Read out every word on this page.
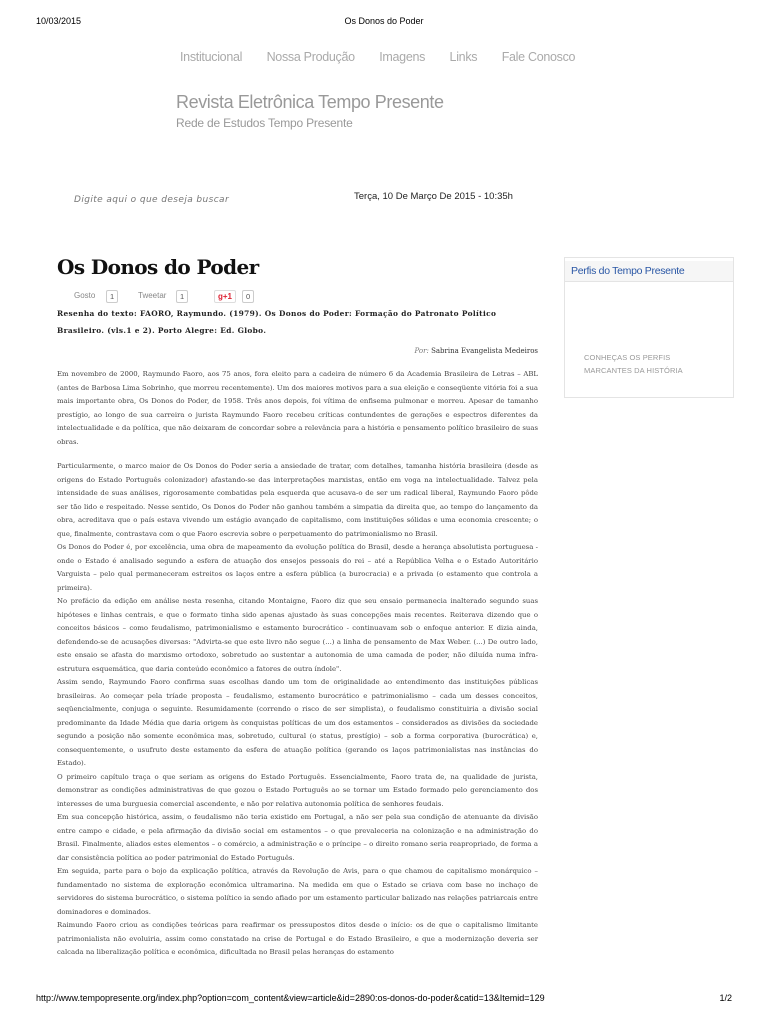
10/03/2015	Os Donos do Poder
Institucional Nossa Produção Imagens Links Fale Conosco
Revista Eletrônica Tempo Presente
Rede de Estudos Tempo Presente
Digite aqui o que deseja buscar
Terça, 10 De Março De 2015 - 10:35h
Os Donos do Poder
Gosto	1	Tweetar	1	g+1	0

Resenha do texto: FAORO, Raymundo. (1979). Os Donos do Poder: Formação do Patronato Político Brasileiro. (vls.1 e 2). Porto Alegre: Ed. Globo.

Por: Sabrina Evangelista Medeiros

Em novembro de 2000, Raymundo Faoro, aos 75 anos, fora eleito para a cadeira de número 6 da Academia Brasileira de Letras – ABL (antes de Barbosa Lima Sobrinho, que morreu recentemente). Um dos maiores motivos para a sua eleição e conseqüente vitória foi a sua mais importante obra, Os Donos do Poder, de 1958. Três anos depois, foi vítima de enfisema pulmonar e morreu. Apesar de tamanho prestígio, ao longo de sua carreira o jurista Raymundo Faoro recebeu críticas contundentes de gerações e espectros diferentes da intelectualidade e da política, que não deixaram de concordar sobre a relevância para a história e pensamento político brasileiro de suas obras.

Particularmente, o marco maior de Os Donos do Poder seria a ansiedade de tratar, com detalhes, tamanha história brasileira (desde as origens do Estado Português colonizador) afastando-se das interpretações marxistas, então em voga na intelectualidade. Talvez pela intensidade de suas análises, rigorosamente combatidas pela esquerda que acusava-o de ser um radical liberal, Raymundo Faoro pôde ser tão lido e respeitado. Nesse sentido, Os Donos do Poder não ganhou também a simpatia da direita que, ao tempo do lançamento da obra, acreditava que o país estava vivendo um estágio avançado de capitalismo, com instituições sólidas e uma economia crescente; o que, finalmente, contrastava com o que Faoro escrevia sobre o perpetuamento do patrimonialismo no Brasil.

Os Donos do Poder é, por excelência, uma obra de mapeamento da evolução política do Brasil, desde a herança absolutista portuguesa - onde o Estado é analisado segundo a esfera de atuação dos ensejos pessoais do rei – até a República Velha e o Estado Autoritário Varguista – pelo qual permaneceram estreitos os laços entre a esfera pública (a burocracia) e a privada (o estamento que controla a primeira).

No prefácio da edição em análise nesta resenha, citando Montaigne, Faoro diz que seu ensaio permanecia inalterado segundo suas hipóteses e linhas centrais, e que o formato tinha sido apenas ajustado às suas concepções mais recentes. Reiterava dizendo que o conceitos básicos – como feudalismo, patrimonialismo e estamento burocrático - continuavam sob o enfoque anterior. E dizia ainda, defendendo-se de acusações diversas: "Advirta-se que este livro não segue (...) a linha de pensamento de Max Weber. (...) De outro lado, este ensaio se afasta do marxismo ortodoxo, sobretudo ao sustentar a autonomia de uma camada de poder, não diluída numa infra-estrutura esquemática, que daria conteúdo econômico a fatores de outra índole".

Assim sendo, Raymundo Faoro confirma suas escolhas dando um tom de originalidade ao entendimento das instituições públicas brasileiras. Ao começar pela tríade proposta – feudalismo, estamento burocrático e patrimonialismo – cada um desses conceitos, seqüencialmente, conjuga o seguinte. Resumidamente (correndo o risco de ser simplista), o feudalismo constituiria a divisão social predominante da Idade Média que daria origem às conquistas políticas de um dos estamentos – considerados as divisões da sociedade segundo a posição não somente econômica mas, sobretudo, cultural (o status, prestígio) – sob a forma corporativa (burocrática) e, consequentemente, o usufruto deste estamento da esfera de atuação política (gerando os laços patrimonialistas nas instâncias do Estado).

O primeiro capítulo traça o que seriam as origens do Estado Português. Essencialmente, Faoro trata de, na qualidade de jurista, demonstrar as condições administrativas de que gozou o Estado Português ao se tornar um Estado formado pelo gerenciamento dos interesses de uma burguesia comercial ascendente, e não por relativa autonomia política de senhores feudais.

Em sua concepção histórica, assim, o feudalismo não teria existido em Portugal, a não ser pela sua condição de atenuante da divisão entre campo e cidade, e pela afirmação da divisão social em estamentos – o que prevaleceria na colonização e na administração do Brasil. Finalmente, aliados estes elementos – o comércio, a administração e o príncipe – o direito romano seria reapropriado, de forma a dar consistência política ao poder patrimonial do Estado Português.

Em seguida, parte para o bojo da explicação política, através da Revolução de Avis, para o que chamou de capitalismo monárquico – fundamentado no sistema de exploração econômica ultramarina. Na medida em que o Estado se criava com base no inchaço de servidores do sistema burocrático, o sistema político ia sendo afiado por um estamento particular balizado nas relações patriarcais entre dominadores e dominados.

Raimundo Faoro criou as condições teóricas para reafirmar os pressupostos ditos desde o início: os de que o capitalismo limitante patrimonialista não evoluiria, assim como constatado na crise de Portugal e do Estado Brasileiro, e que a modernização deveria ser calcada na liberalização política e econômica, dificultada no Brasil pelas heranças do estamento

Perfis do Tempo Presente
CONHEÇAS OS PERFIS MARCANTES DA HISTÓRIA
http://www.tempopresente.org/index.php?option=com_content&view=article&id=2890:os-donos-do-poder&catid=13&Itemid=129	1/2
